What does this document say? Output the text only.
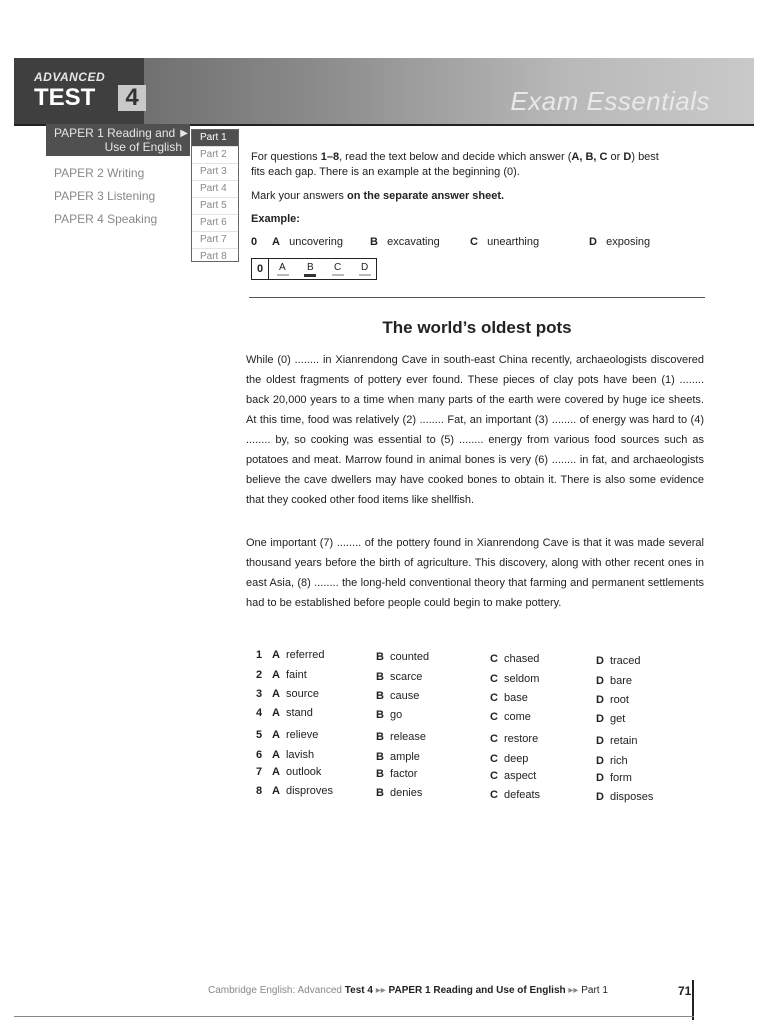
ADVANCED
TEST	4	Exam Essentials
PAPER 1 Reading and ▶
Use of English
PAPER 2 Writing
PAPER 3 Listening
PAPER 4 Speaking
Part 1
Part 2
Part 3
Part 4
Part 5
Part 6
Part 7
Part 8
For questions 1–8, read the text below and decide which answer (A, B, C or D) best
fits each gap. There is an example at the beginning (0).
Mark your answers on the separate answer sheet.
Example:
0 A uncovering B excavating	C unearthing	D exposing
0	A B C D
The world’s oldest pots
While (0) ........ in Xianrendong Cave in south-east China recently, archaeologists discovered the oldest fragments of pottery ever found. These pieces of clay pots have been (1) ........ back 20,000 years to a time when many parts of the earth were covered by huge ice sheets. At this time, food was relatively (2) ........ Fat, an important (3) ........ of energy was hard to (4) ........ by, so cooking was essential to (5) ........ energy from various food sources such as potatoes and meat. Marrow found in animal bones is very (6) ........ in fat, and archaeologists believe the cave dwellers may have cooked bones to obtain it. There is also some evidence that they cooked other food items like shellfish.
One important (7) ........ of the pottery found in Xianrendong Cave is that it was made several thousand years before the birth of agriculture. This discovery, along with other recent ones in east Asia, (8) ........ the long-held conventional theory that farming and permanent settlements had to be established before people could begin to make pottery.
1 A referred	B counted	C chased	D traced
2 A faint	B scarce	C seldom	D bare
3 A source	B cause	C base	D root
4 A stand	B go	C come	D get
5 A relieve	B release	C restore	D retain
6 A lavish	B ample	C deep	D rich
7 A outlook	B factor	C aspect	D form
8 A disproves	B denies	C defeats	D disposes
Cambridge English: Advanced Test 4 ▸▸ PAPER 1 Reading and Use of English ▸▸ Part 1	71
